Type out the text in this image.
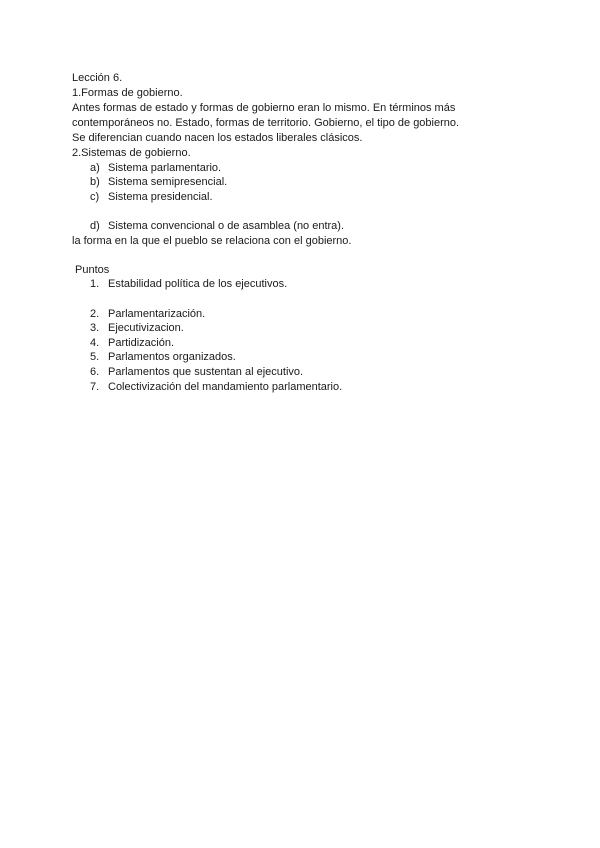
Lección 6.
1.Formas de gobierno.
Antes formas de estado y formas de gobierno eran lo mismo. En términos más
contemporáneos no. Estado, formas de territorio. Gobierno, el tipo de gobierno.
Se diferencian cuando nacen los estados liberales clásicos.
2.Sistemas de gobierno.
a) Sistema parlamentario.
b) Sistema semipresencial.
c) Sistema presidencial.
d) Sistema convencional o de asamblea (no entra).
la forma en la que el pueblo se relaciona con el gobierno.
Puntos
1. Estabilidad política de los ejecutivos.
2. Parlamentarización.
3. Ejecutivizacion.
4. Partidización.
5. Parlamentos organizados.
6. Parlamentos que sustentan al ejecutivo.
7. Colectivización del mandamiento parlamentario.
